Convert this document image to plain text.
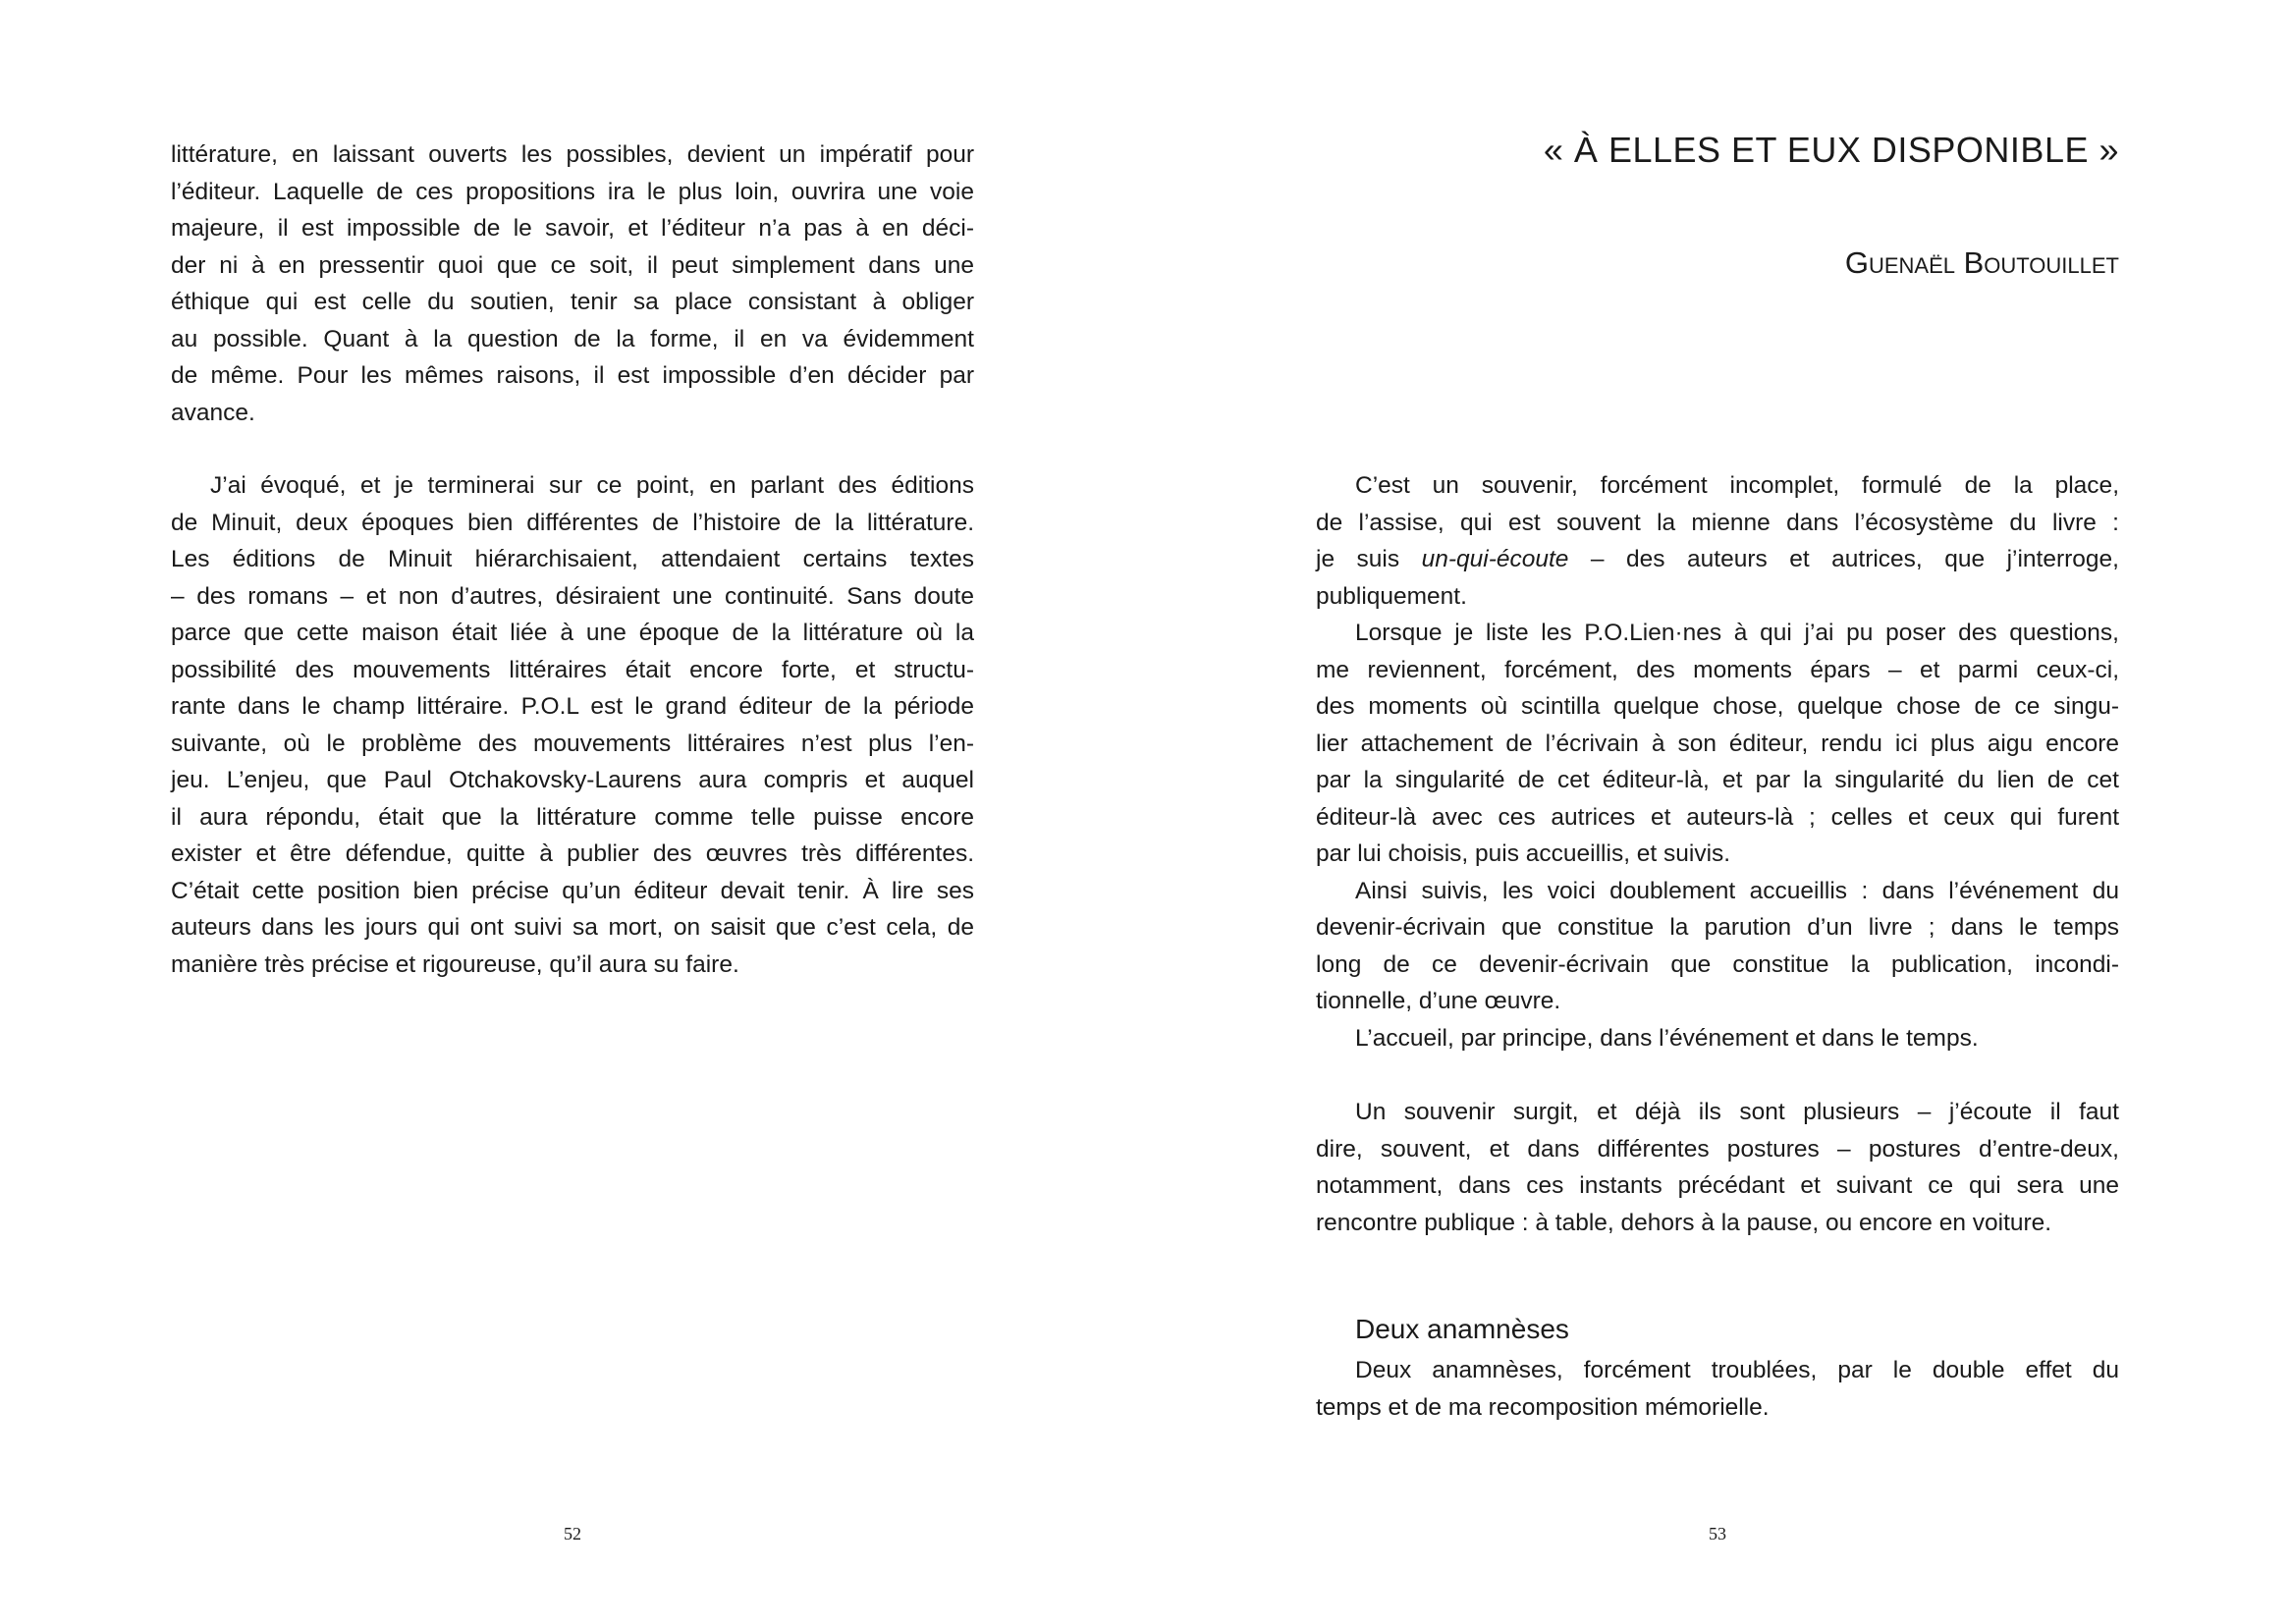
littérature, en laissant ouverts les possibles, devient un impératif pour
l’éditeur. Laquelle de ces propositions ira le plus loin, ouvrira une voie
majeure, il est impossible de le savoir, et l’éditeur n’a pas à en déci-
der ni à en pressentir quoi que ce soit, il peut simplement dans une
éthique qui est celle du soutien, tenir sa place consistant à obliger
au possible. Quant à la question de la forme, il en va évidemment
de même. Pour les mêmes raisons, il est impossible d’en décider par
avance.
J’ai évoqué, et je terminerai sur ce point, en parlant des éditions
de Minuit, deux époques bien différentes de l’histoire de la littérature.
Les éditions de Minuit hiérarchisaient, attendaient certains textes
– des romans – et non d’autres, désiraient une continuité. Sans doute
parce que cette maison était liée à une époque de la littérature où la
possibilité des mouvements littéraires était encore forte, et structu-
rante dans le champ littéraire. P.O.L est le grand éditeur de la période
suivante, où le problème des mouvements littéraires n’est plus l’en-
jeu. L’enjeu, que Paul Otchakovsky-Laurens aura compris et auquel
il aura répondu, était que la littérature comme telle puisse encore
exister et être défendue, quitte à publier des œuvres très différentes.
C’était cette position bien précise qu’un éditeur devait tenir. À lire ses
auteurs dans les jours qui ont suivi sa mort, on saisit que c’est cela, de
manière très précise et rigoureuse, qu’il aura su faire.
« À ELLES ET EUX DISPONIBLE »
Guenaël Boutouillet
C’est un souvenir, forcément incomplet, formulé de la place,
de l’assise, qui est souvent la mienne dans l’écosystème du livre :
je suis un-qui-écoute – des auteurs et autrices, que j’interroge,
publiquement.
Lorsque je liste les P.O.Lien·nes à qui j’ai pu poser des questions,
me reviennent, forcément, des moments épars – et parmi ceux-ci,
des moments où scintilla quelque chose, quelque chose de ce singu-
lier attachement de l’écrivain à son éditeur, rendu ici plus aigu encore
par la singularité de cet éditeur-là, et par la singularité du lien de cet
éditeur-là avec ces autrices et auteurs-là ; celles et ceux qui furent
par lui choisis, puis accueillis, et suivis.
Ainsi suivis, les voici doublement accueillis : dans l’événement du
devenir-écrivain que constitue la parution d’un livre ; dans le temps
long de ce devenir-écrivain que constitue la publication, incondi-
tionnelle, d’une œuvre.
L’accueil, par principe, dans l’événement et dans le temps.
Un souvenir surgit, et déjà ils sont plusieurs – j’écoute il faut
dire, souvent, et dans différentes postures – postures d’entre-deux,
notamment, dans ces instants précédant et suivant ce qui sera une
rencontre publique : à table, dehors à la pause, ou encore en voiture.
Deux anamnèses
Deux anamnèses, forcément troublées, par le double effet du
temps et de ma recomposition mémorielle.
52	53
